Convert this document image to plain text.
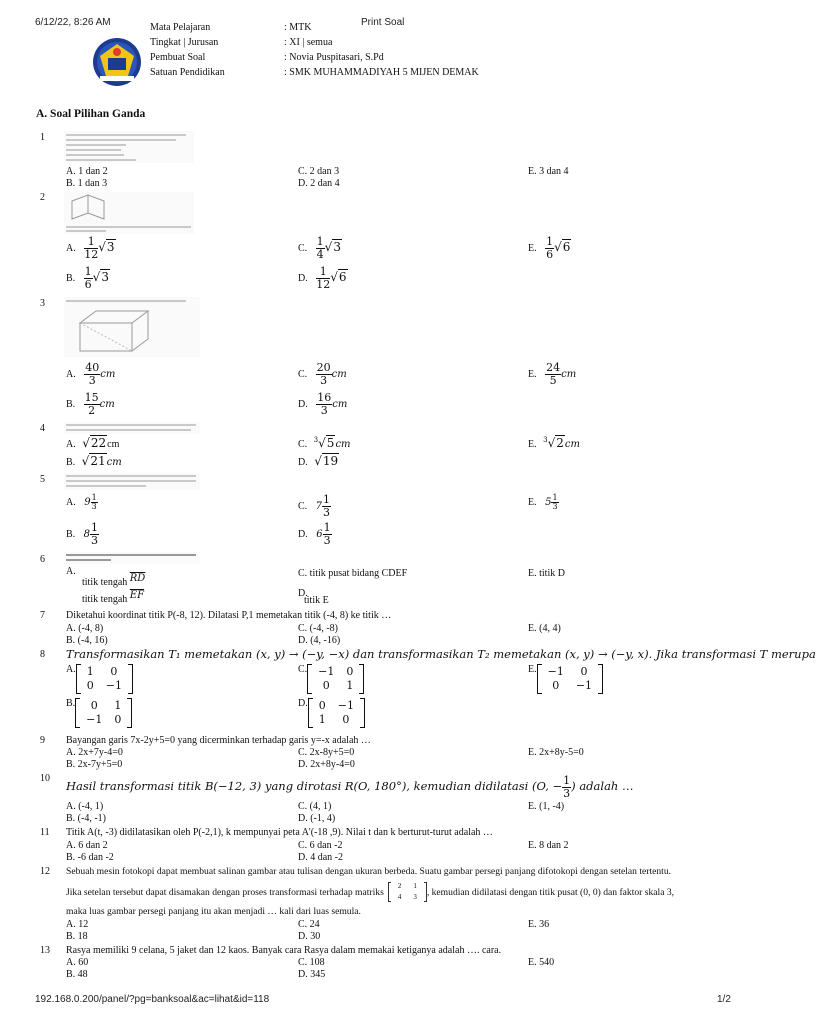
6/12/22, 8:26 AM	Print Soal
Mata Pelajaran	: MTK
Tingkat | Jurusan	: XI | semua
Pembuat Soal	: Novia Puspitasari, S.Pd
Satuan Pendidikan	: SMK MUHAMMADIYAH 5 MIJEN DEMAK
A. Soal Pilihan Ganda
1
A. 1 dan 2
B. 1 dan 3
C. 2 dan 3
D. 2 dan 4
E. 3 dan 4
2
A. $\frac{1}{12} √3$
B. $\frac{1}{6} √3$
C. $\frac{1}{4} √3$
D. $\frac{1}{12} √6$
E. $\frac{1}{6} √6$
3
A. $\frac{40}{3}$ cm
B. $\frac{15}{2}$ cm
C. $\frac{20}{3}$ cm
D. $\frac{16}{3}$ cm
E. $\frac{24}{5}$ cm
4
A. √22cm
B. √21cm
C. $^3$√5cm
D. √19
E. $^3$√2cm
5
A. $9 \frac{1}{3}$
B. $8 \frac{1}{3}$
C. $7 \frac{1}{3}$
D. $6 \frac{1}{3}$
E. $5 \frac{1}{3}$
6
A.
titik tengah $\overline{RD}$
titik tengah $\overline{EF}$
C. titik pusat bidang CDEF
D.
titik E
E. titik D
7 Diketahui koordinat titik P(-8, 12). Dilatasi P,1 memetakan titik (-4, 8) ke titik …
A. (-4, 8)
B. (-4, 16)
C. (-4, -8)
D. (4, -16)
E. (4, 4)
8 Transformasikan T₁ memetakan (x, y) → (−y, −x) dan transformasikan T₂ memetakan (x, y) → (−y, x). Jika transformasi T merupa
A. 1	0
0	−1
B. 0	1
−1	0
C. −1	0
0	1
D. 0	−1
1	0
E. −1	0
0	−1
9 Bayangan garis 7x-2y+5=0 yang dicerminkan terhadap garis y=-x adalah …
A. 2x+7y-4=0
B. 2x-7y+5=0
C. 2x-8y+5=0
D. 2x+8y-4=0
E. 2x+8y-5=0
10
Hasil transformasi titik B(−12, 3) yang dirotasi R(O, 180°), kemudian didilatasi (O, − $\frac{1}{3}$ ) adalah …
A. (-4, 1)
B. (-4, -1)
C. (4, 1)
D. (-1, 4)
E. (1, -4)
11 Titik A(t, -3) didilatasikan oleh P(-2,1), k mempunyai peta A'(-18 ,9). Nilai t dan k berturut-turut adalah …
A. 6 dan 2
B. -6 dan -2
C. 6 dan -2
D. 4 dan -2
E. 8 dan 2
12 Sebuah mesin fotokopi dapat membuat salinan gambar atau tulisan dengan ukuran berbeda. Suatu gambar persegi panjang difotokopi dengan setelan tertentu.
Jika setelan tersebut dapat disamakan dengan proses transformasi terhadap matriks
2	1
4	3 , kemudian didilatasi dengan titik pusat (0, 0) dan faktor skala 3,
maka luas gambar persegi panjang itu akan menjadi … kali dari luas semula.
A. 12
B. 18
C. 24
D. 30
E. 36
13 Rasya memiliki 9 celana, 5 jaket dan 12 kaos. Banyak cara Rasya dalam memakai ketiganya adalah …. cara.
A. 60
B. 48
C. 108
D. 345
E. 540
192.168.0.200/panel/?pg=banksoal&ac=lihat&id=118	1/2
